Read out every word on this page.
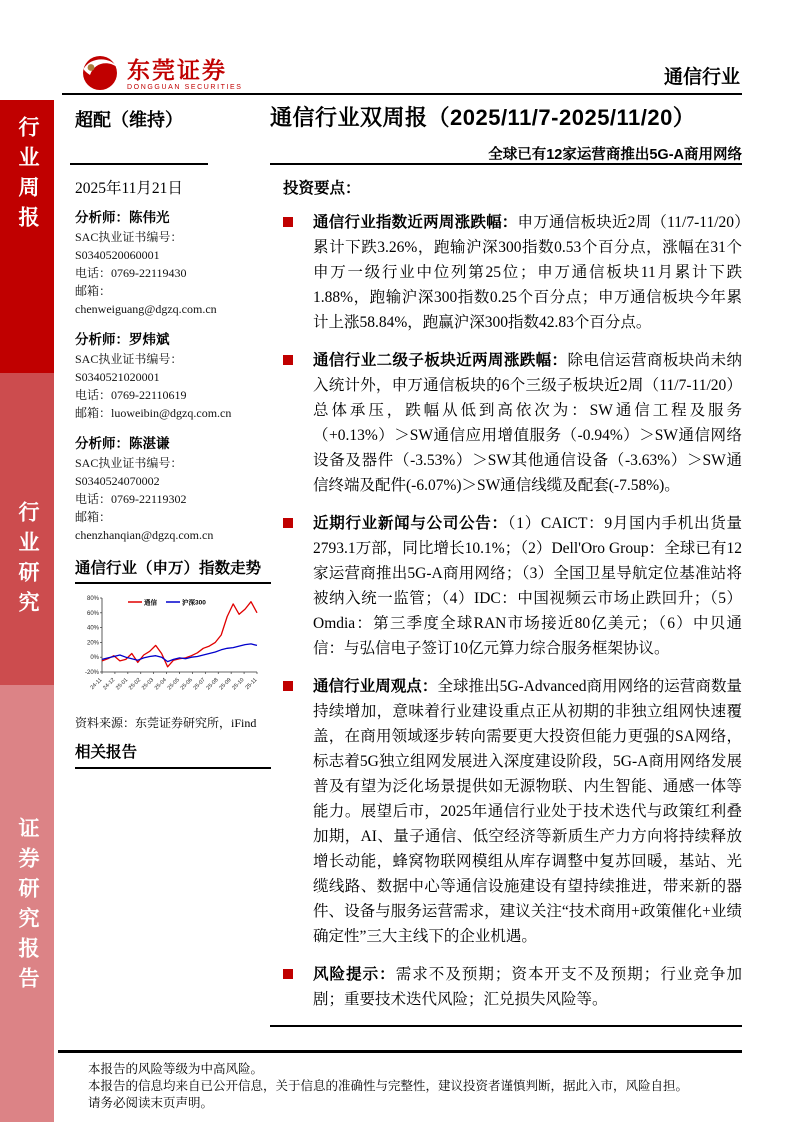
行业周报
行业研究
证券研究报告
东莞证券
DONGGUAN SECURITIES	通信行业
超配（维持）	通信行业双周报（2025/11/7-2025/11/20）
全球已有12家运营商推出5G-A商用网络
2025年11月21日
分析师：陈伟光
SAC执业证书编号：
S0340520060001
电话：0769-22119430
邮箱：
chenweiguang@dgzq.com.cn
分析师：罗炜斌
SAC执业证书编号：
S0340521020001
电话：0769-22110619
邮箱：luoweibin@dgzq.com.cn
分析师：陈湛谦
SAC执业证书编号：
S0340524070002
电话：0769-22119302
邮箱：
chenzhanqian@dgzq.com.cn
通信行业（申万）指数走势
-20%
0%
20%
40%
60%
80%
24-11
24-12
25-01
25-02
25-03
25-04
25-05
25-06
25-07
25-08
25-09
25-10 25-11
通信	沪深300
资料来源：东莞证券研究所，iFind
相关报告
投资要点：
通信行业指数近两周涨跌幅：申万通信板块近2周（11/7-11/20）累计下跌3.26%，跑输沪深300指数0.53个百分点，涨幅在31个申万一级行业中位列第25位；申万通信板块11月累计下跌1.88%，跑输沪深300指数0.25个百分点；申万通信板块今年累计上涨58.84%，跑赢沪深300指数42.83个百分点。
通信行业二级子板块近两周涨跌幅：除电信运营商板块尚未纳入统计外，申万通信板块的6个三级子板块近2周（11/7-11/20）总体承压，跌幅从低到高依次为：SW通信工程及服务（+0.13%）＞SW通信应用增值服务（-0.94%）＞SW通信网络设备及器件（-3.53%）＞SW其他通信设备（-3.63%）＞SW通信终端及配件(-6.07%)＞SW通信线缆及配套(-7.58%)。
近期行业新闻与公司公告：（1）CAICT：9月国内手机出货量2793.1万部，同比增长10.1%；（2）Dell'Oro Group：全球已有12家运营商推出5G-A商用网络；（3）全国卫星导航定位基准站将被纳入统一监管；（4）IDC：中国视频云市场止跌回升；（5）Omdia：第三季度全球RAN市场接近80亿美元；（6）中贝通信：与弘信电子签订10亿元算力综合服务框架协议。
通信行业周观点：全球推出5G-Advanced商用网络的运营商数量持续增加，意味着行业建设重点正从初期的非独立组网快速覆盖，在商用领域逐步转向需要更大投资但能力更强的SA网络，标志着5G独立组网发展进入深度建设阶段，5G-A商用网络发展普及有望为泛化场景提供如无源物联、内生智能、通感一体等能力。展望后市，2025年通信行业处于技术迭代与政策红利叠加期，AI、量子通信、低空经济等新质生产力方向将持续释放增长动能，蜂窝物联网模组从库存调整中复苏回暖，基站、光缆线路、数据中心等通信设施建设有望持续推进，带来新的器件、设备与服务运营需求，建议关注“技术商用+政策催化+业绩确定性”三大主线下的企业机遇。
风险提示：需求不及预期；资本开支不及预期；行业竞争加剧；重要技术迭代风险；汇兑损失风险等。
本报告的风险等级为中高风险。
本报告的信息均来自已公开信息，关于信息的准确性与完整性，建议投资者谨慎判断，据此入市，风险自担。
请务必阅读末页声明。
